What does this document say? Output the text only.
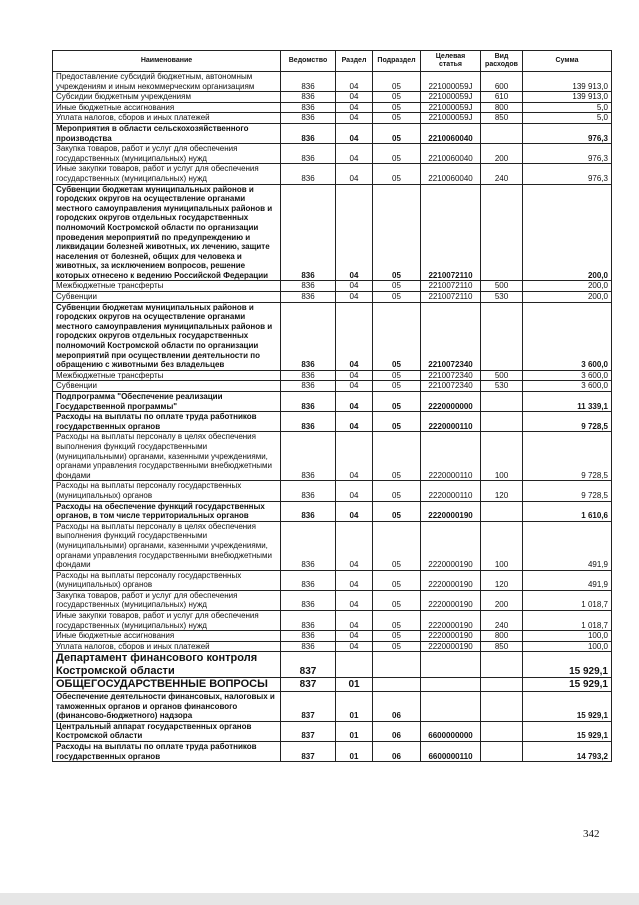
Наименование	Ведомство	Раздел	Подраздел	Целевая статья	Вид расходов	Сумма
Предоставление субсидий бюджетным, автономным учреждениям и иным некоммерческим организациям	836	04	05	221000059J	600	139 913,0
Субсидии бюджетным учреждениям	836	04	05	221000059J	610	139 913,0
Иные бюджетные ассигнования	836	04	05	221000059J	800	5,0
Уплата налогов, сборов и иных платежей	836	04	05	221000059J	850	5,0
Мероприятия в области сельскохозяйственного производства	836	04	05	2210060040		976,3
Закупка товаров, работ и услуг для обеспечения государственных (муниципальных) нужд	836	04	05	2210060040	200	976,3
Иные закупки товаров, работ и услуг для обеспечения государственных (муниципальных) нужд	836	04	05	2210060040	240	976,3
Субвенции бюджетам муниципальных районов и городских округов на осуществление органами местного самоуправления муниципальных районов и городских округов отдельных государственных полномочий Костромской области по организации проведения мероприятий по предупреждению и ликвидации болезней животных, их лечению, защите населения от болезней, общих для человека и животных, за исключением вопросов, решение которых отнесено к ведению Российской Федерации	836	04	05	2210072110		200,0
Межбюджетные трансферты	836	04	05	2210072110	500	200,0
Субвенции	836	04	05	2210072110	530	200,0
Субвенции бюджетам муниципальных районов и городских округов на осуществление органами местного самоуправления муниципальных районов и городских округов отдельных государственных полномочий Костромской области по организации мероприятий при осуществлении деятельности по обращению с животными без владельцев	836	04	05	2210072340		3 600,0
Межбюджетные трансферты	836	04	05	2210072340	500	3 600,0
Субвенции	836	04	05	2210072340	530	3 600,0
Подпрограмма "Обеспечение реализации Государственной программы"	836	04	05	2220000000		11 339,1
Расходы на выплаты по оплате труда работников государственных органов	836	04	05	2220000110		9 728,5
Расходы на выплаты персоналу в целях обеспечения выполнения функций государственными (муниципальными) органами, казенными учреждениями, органами управления государственными внебюджетными фондами	836	04	05	2220000110	100	9 728,5
Расходы на выплаты персоналу государственных (муниципальных) органов	836	04	05	2220000110	120	9 728,5
Расходы на обеспечение функций государственных органов, в том числе территориальных органов	836	04	05	2220000190		1 610,6
Расходы на выплаты персоналу в целях обеспечения выполнения функций государственными (муниципальными) органами, казенными учреждениями, органами управления государственными внебюджетными фондами	836	04	05	2220000190	100	491,9
Расходы на выплаты персоналу государственных (муниципальных) органов	836	04	05	2220000190	120	491,9
Закупка товаров, работ и услуг для обеспечения государственных (муниципальных) нужд	836	04	05	2220000190	200	1 018,7
Иные закупки товаров, работ и услуг для обеспечения государственных (муниципальных) нужд	836	04	05	2220000190	240	1 018,7
Иные бюджетные ассигнования	836	04	05	2220000190	800	100,0
Уплата налогов, сборов и иных платежей	836	04	05	2220000190	850	100,0
Департамент финансового контроля Костромской области	837					15 929,1
ОБЩЕГОСУДАРСТВЕННЫЕ ВОПРОСЫ	837	01				15 929,1
Обеспечение деятельности финансовых, налоговых и таможенных органов и органов финансового (финансово-бюджетного) надзора	837	01	06			15 929,1
Центральный аппарат государственных органов Костромской области	837	01	06	6600000000		15 929,1
Расходы на выплаты по оплате труда работников государственных органов	837	01	06	6600000110		14 793,2
342
